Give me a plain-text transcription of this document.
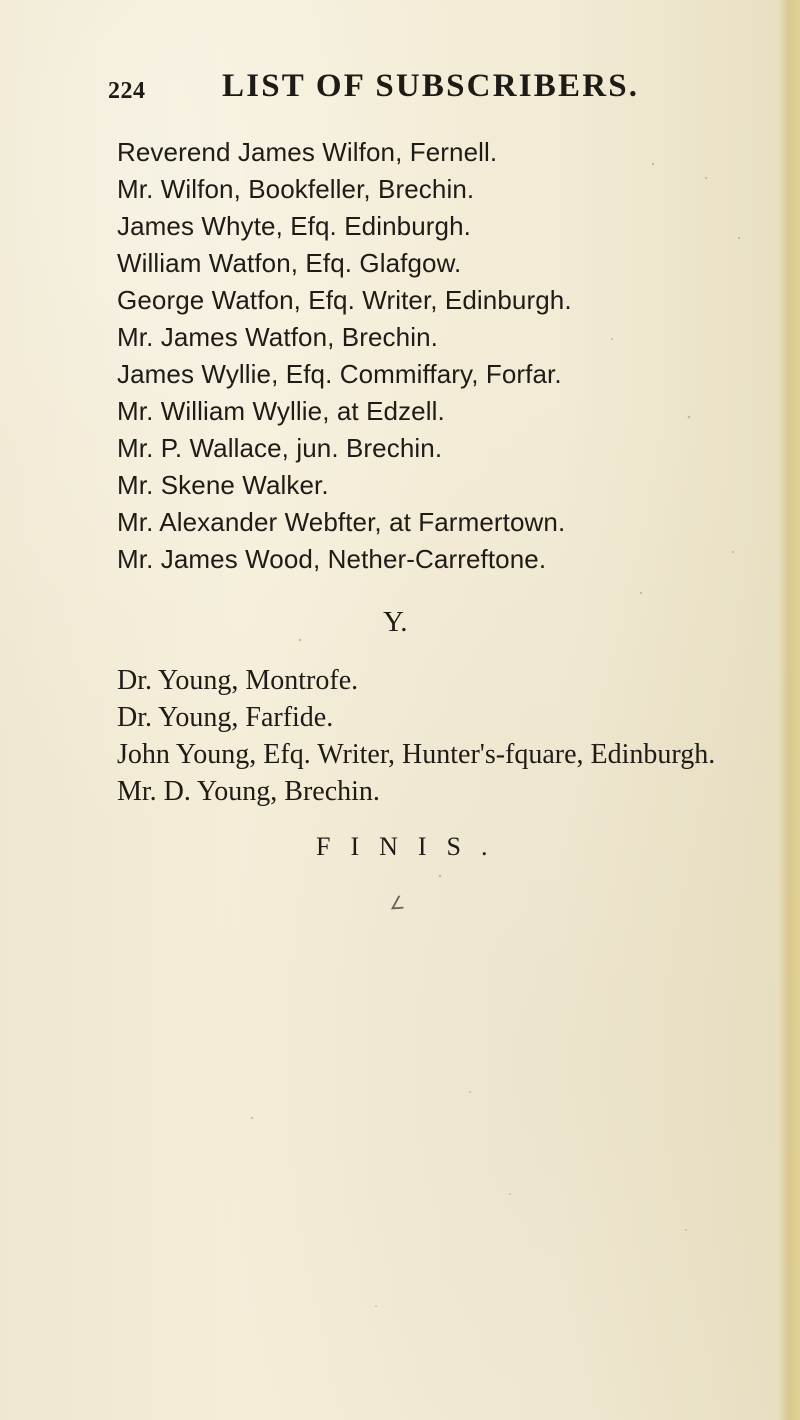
224 LIST OF SUBSCRIBERS.
Reverend James Wilfon, Fernell.
Mr. Wilfon, Bookfeller, Brechin.
James Whyte, Efq. Edinburgh.
William Watfon, Efq. Glafgow.
George Watfon, Efq. Writer, Edinburgh.
Mr. James Watfon, Brechin.
James Wyllie, Efq. Commiffary, Forfar.
Mr. William Wyllie, at Edzell.
Mr. P. Wallace, jun. Brechin.
Mr. Skene Walker.
Mr. Alexander Webfter, at Farmertown.
Mr. James Wood, Nether-Carreftone.
Y.
Dr. Young, Montrofe.
Dr. Young, Farfide.
John Young, Efq. Writer, Hunter's-fquare, Edinburgh.
Mr. D. Young, Brechin.
FINIS.
∠
